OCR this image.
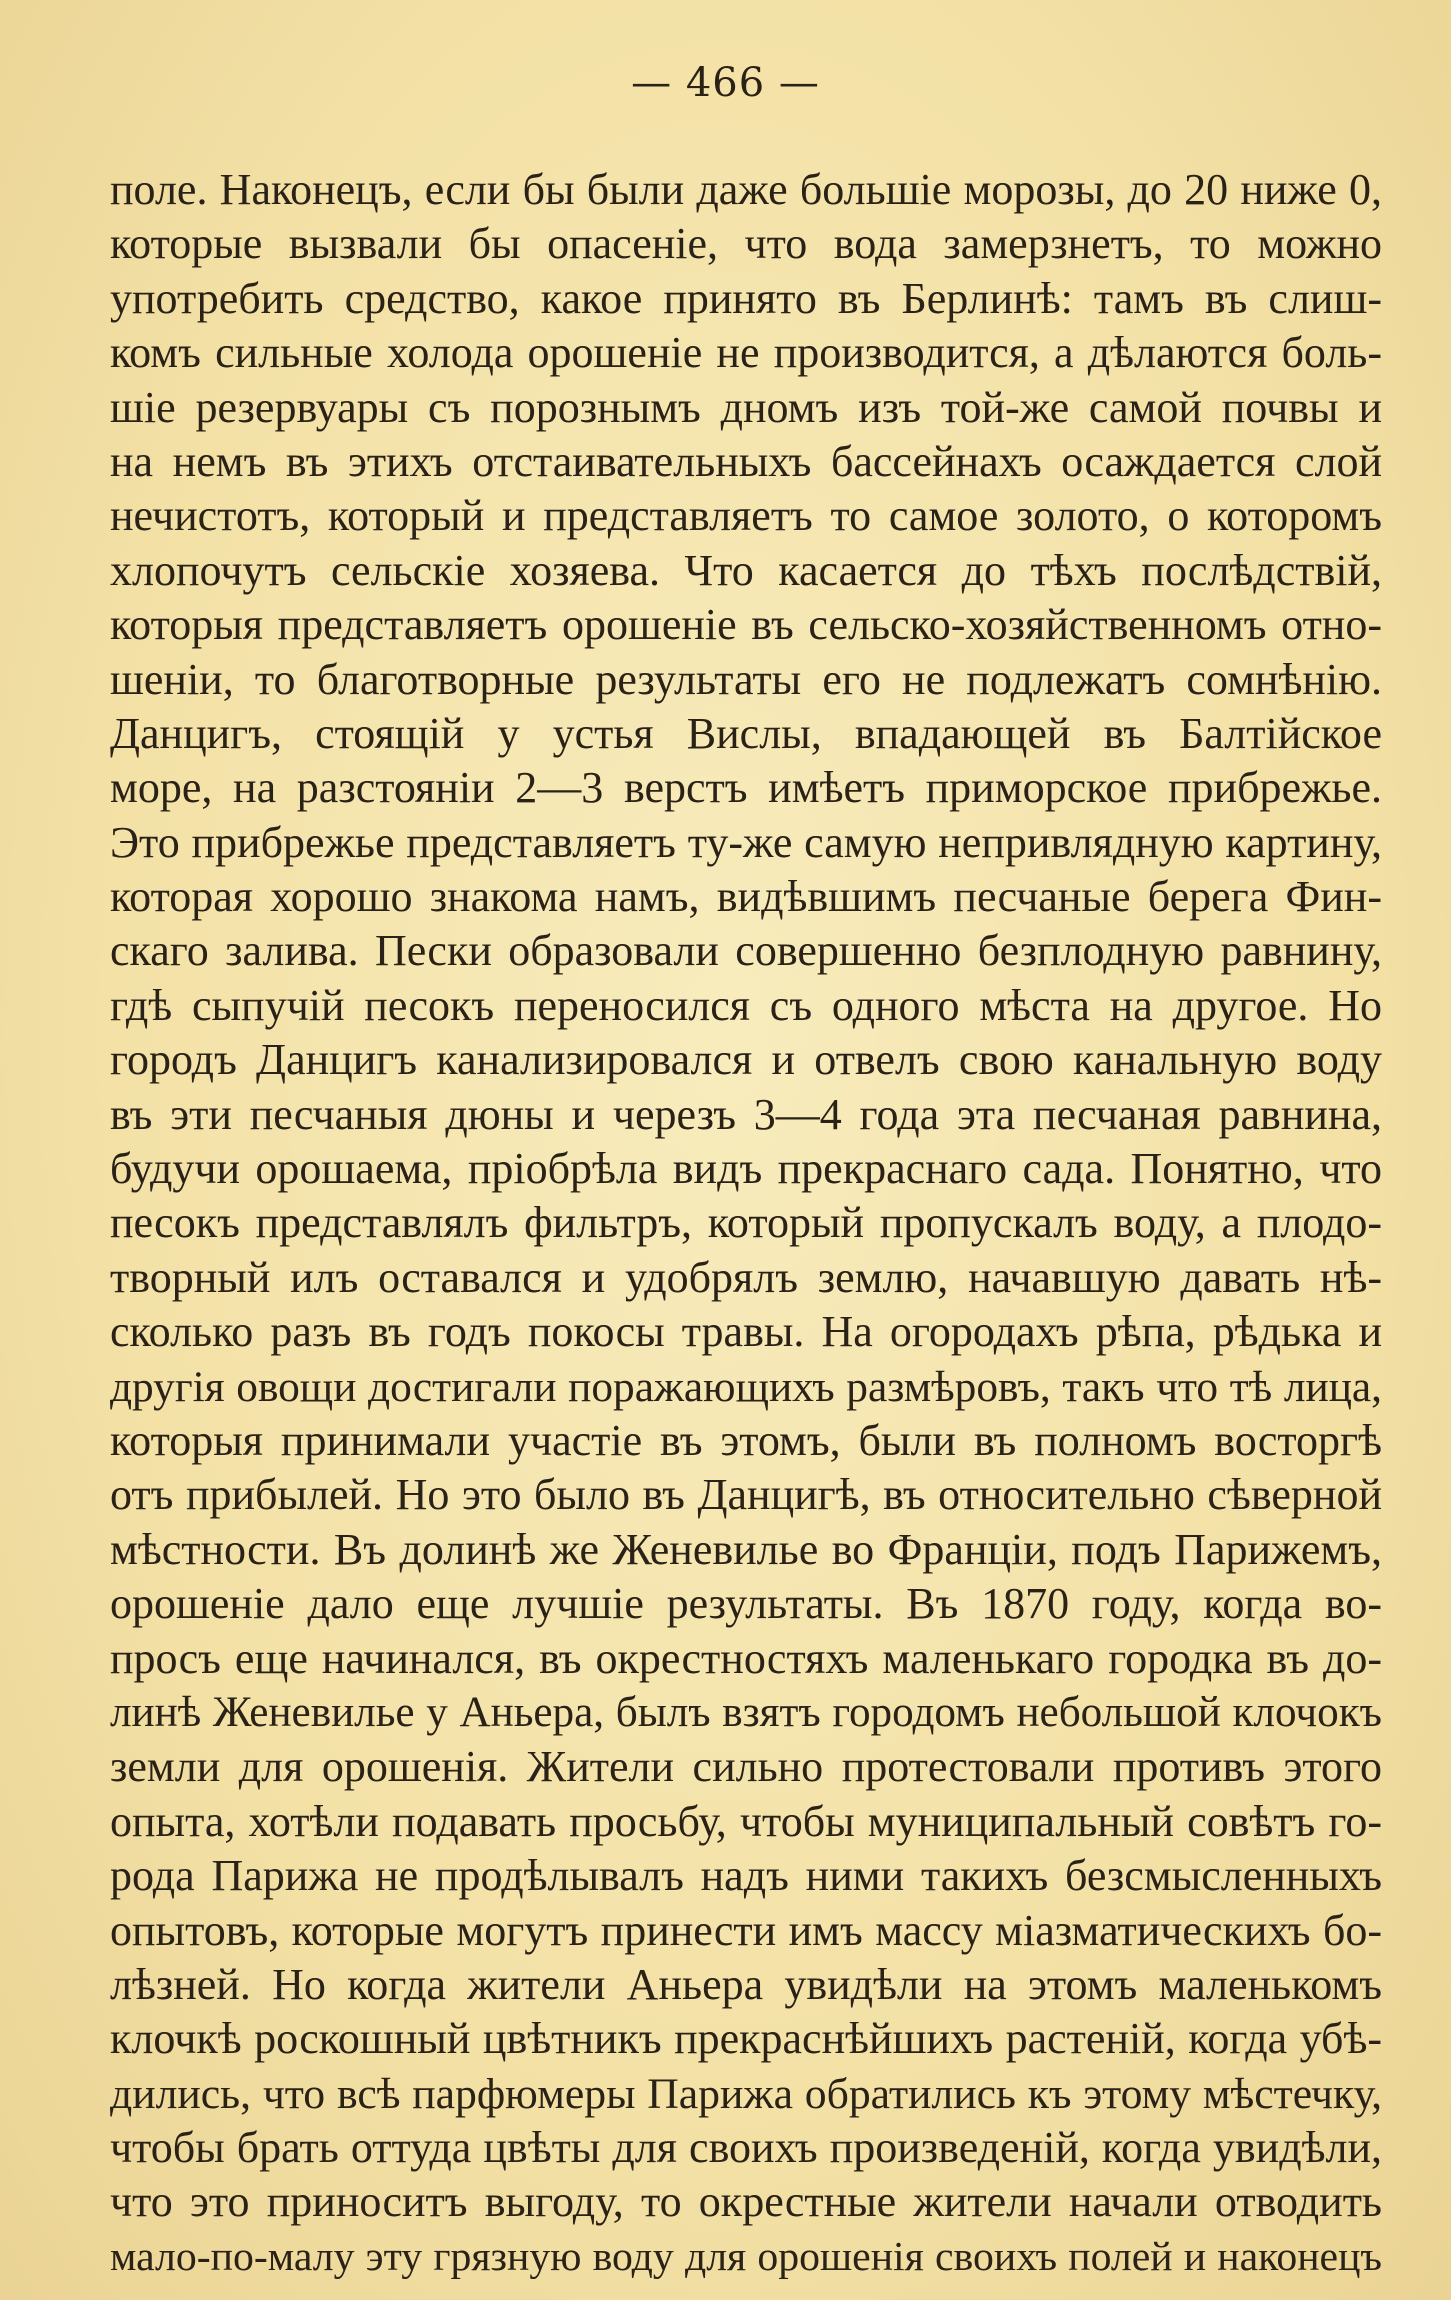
— 466 —
поле. Наконецъ, если бы были даже большіе морозы, до 20 ниже 0,
которые вызвали бы опасеніе, что вода замерзнетъ, то можно
употребить средство, какое принято въ Берлинѣ: тамъ въ слиш-
комъ сильные холода орошеніе не производится, а дѣлаются боль-
шіе резервуары съ порознымъ дномъ изъ той-же самой почвы и
на немъ въ этихъ отстаивательныхъ бассейнахъ осаждается слой
нечистотъ, который и представляетъ то самое золото, о которомъ
хлопочутъ сельскіе хозяева. Что касается до тѣхъ послѣдствій,
которыя представляетъ орошеніе въ сельско-хозяйственномъ отно-
шеніи, то благотворные результаты его не подлежатъ сомнѣнію.
Данцигъ, стоящій у устья Вислы, впадающей въ Балтійское
море, на разстояніи 2—3 верстъ имѣетъ приморское прибрежье.
Это прибрежье представляетъ ту-же самую непривлядную картину,
которая хорошо знакома намъ, видѣвшимъ песчаные берега Фин-
скаго залива. Пески образовали совершенно безплодную равнину,
гдѣ сыпучій песокъ переносился съ одного мѣста на другое. Но
городъ Данцигъ канализировался и отвелъ свою канальную воду
въ эти песчаныя дюны и черезъ 3—4 года эта песчаная равнина,
будучи орошаема, пріобрѣла видъ прекраснаго сада. Понятно, что
песокъ представлялъ фильтръ, который пропускалъ воду, а плодо-
творный илъ оставался и удобрялъ землю, начавшую давать нѣ-
сколько разъ въ годъ покосы травы. На огородахъ рѣпа, рѣдька и
другія овощи достигали поражающихъ размѣровъ, такъ что тѣ лица,
которыя принимали участіе въ этомъ, были въ полномъ восторгѣ
отъ прибылей. Но это было въ Данцигѣ, въ относительно сѣверной
мѣстности. Въ долинѣ же Женевилье во Франціи, подъ Парижемъ,
орошеніе дало еще лучшіе результаты. Въ 1870 году, когда во-
просъ еще начинался, въ окрестностяхъ маленькаго городка въ до-
линѣ Женевилье у Аньера, былъ взятъ городомъ небольшой клочокъ
земли для орошенія. Жители сильно протестовали противъ этого
опыта, хотѣли подавать просьбу, чтобы муниципальный совѣтъ го-
рода Парижа не продѣлывалъ надъ ними такихъ безсмысленныхъ
опытовъ, которые могутъ принести имъ массу міазматическихъ бо-
лѣзней. Но когда жители Аньера увидѣли на этомъ маленькомъ
клочкѣ роскошный цвѣтникъ прекраснѣйшихъ растеній, когда убѣ-
дились, что всѣ парфюмеры Парижа обратились къ этому мѣстечку,
чтобы брать оттуда цвѣты для своихъ произведеній, когда увидѣли,
что это приноситъ выгоду, то окрестные жители начали отводить
мало-по-малу эту грязную воду для орошенія своихъ полей и наконецъ
